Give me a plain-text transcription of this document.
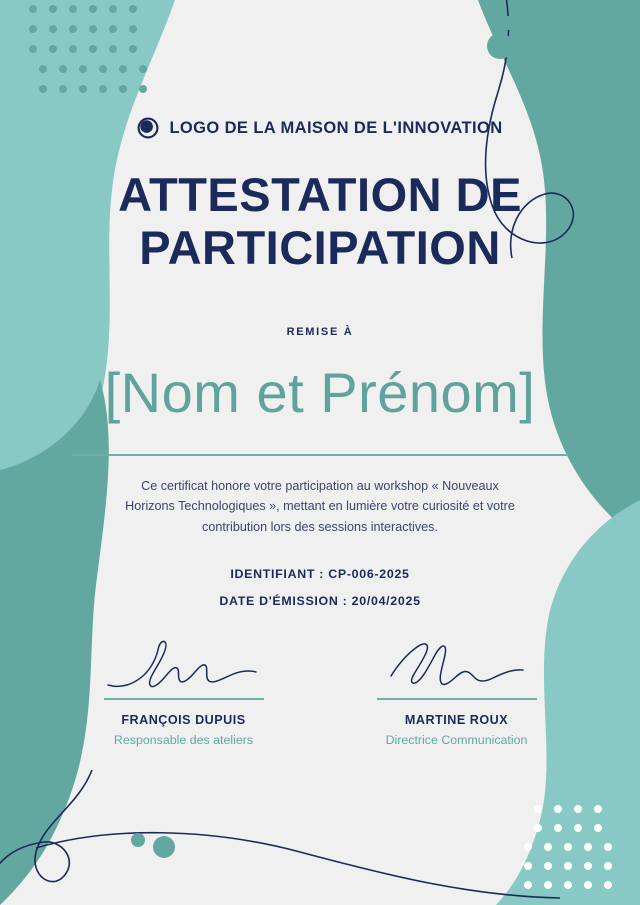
LOGO DE LA MAISON DE L'INNOVATION
ATTESTATION DE PARTICIPATION
REMISE À
[Nom et Prénom]
Ce certificat honore votre participation au workshop « Nouveaux Horizons Technologiques », mettant en lumière votre curiosité et votre contribution lors des sessions interactives.
IDENTIFIANT : CP-006-2025
DATE D'ÉMISSION : 20/04/2025
FRANÇOIS DUPUIS
Responsable des ateliers
MARTINE ROUX
Directrice Communication
